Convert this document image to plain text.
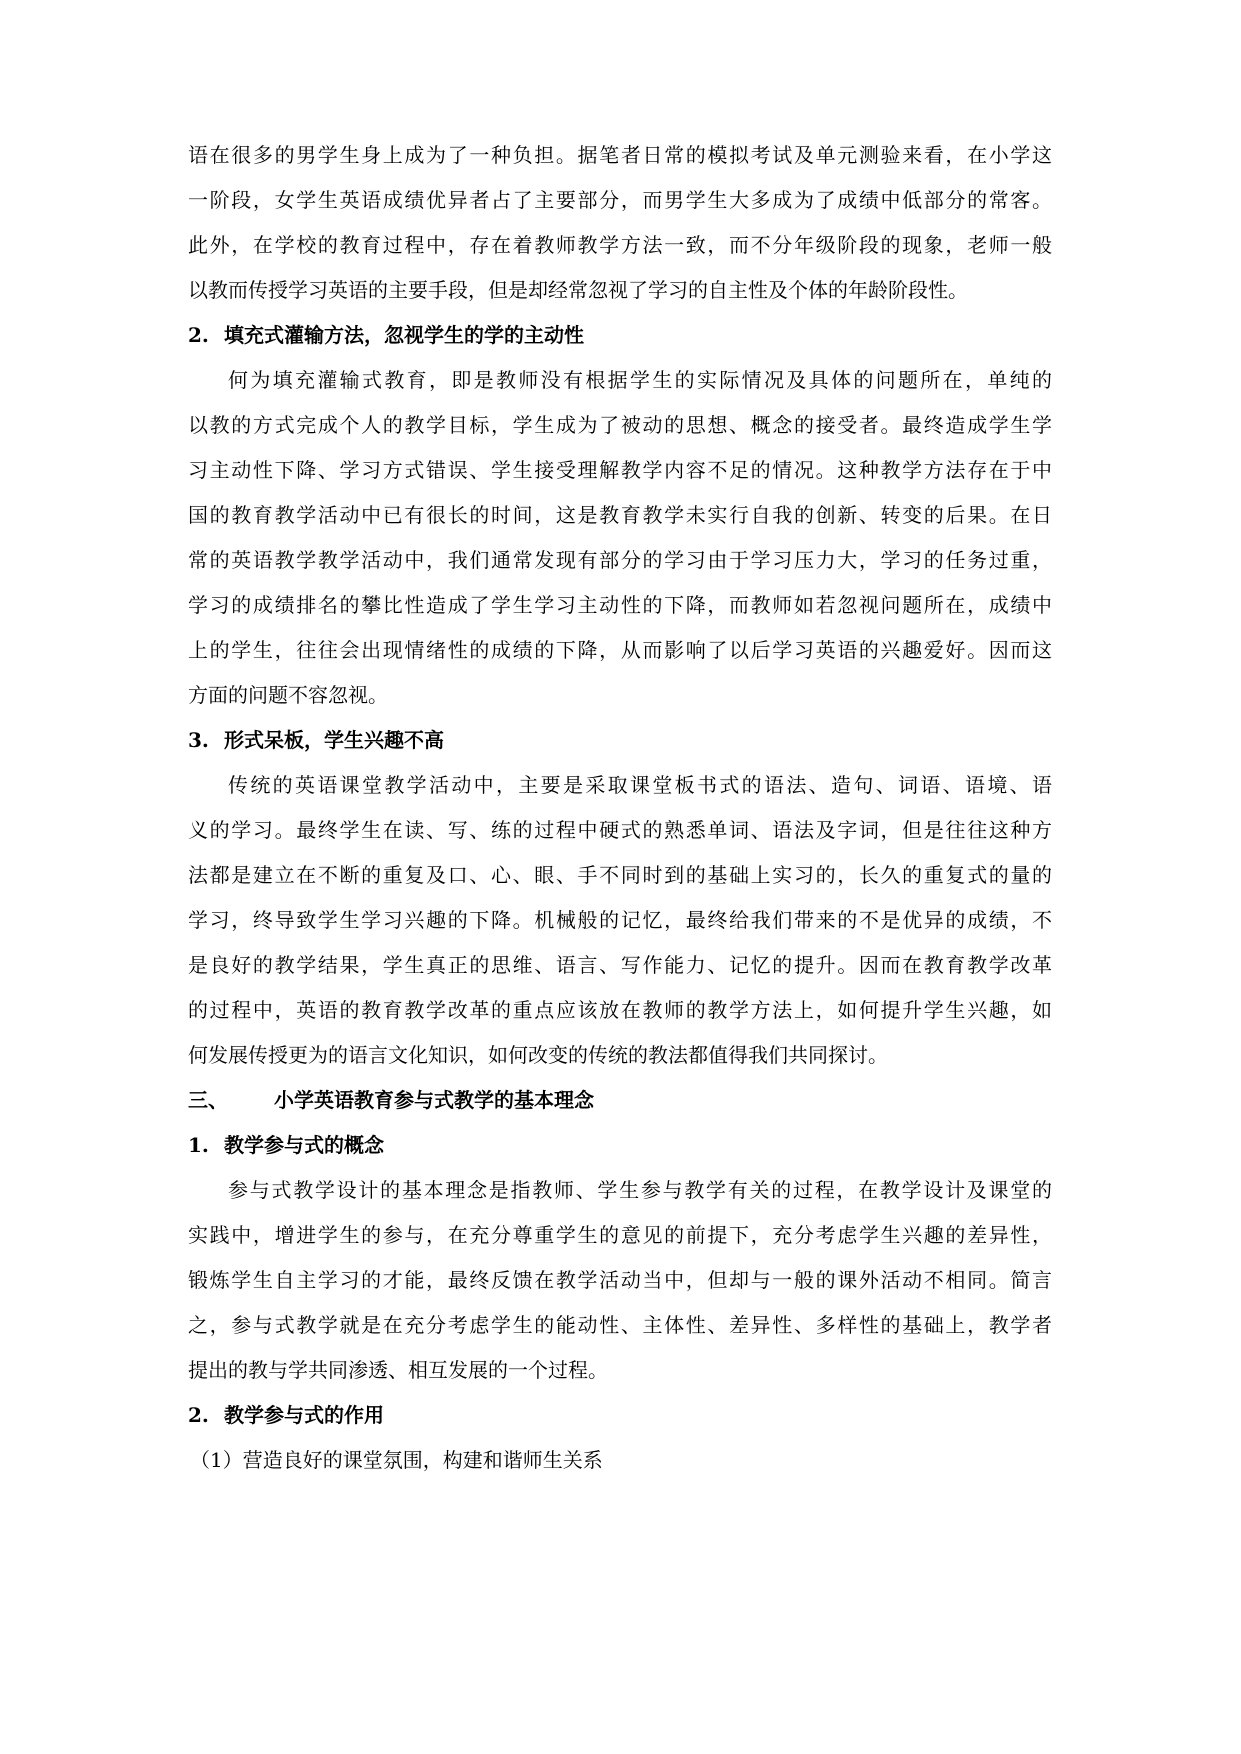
语在很多的男学生身上成为了一种负担。据笔者日常的模拟考试及单元测验来看，在小学这
一阶段，女学生英语成绩优异者占了主要部分，而男学生大多成为了成绩中低部分的常客。
此外，在学校的教育过程中，存在着教师教学方法一致，而不分年级阶段的现象，老师一般
以教而传授学习英语的主要手段，但是却经常忽视了学习的自主性及个体的年龄阶段性。
2. 填充式灌输方法，忽视学生的学的主动性
何为填充灌输式教育，即是教师没有根据学生的实际情况及具体的问题所在，单纯的
以教的方式完成个人的教学目标，学生成为了被动的思想、概念的接受者。最终造成学生学
习主动性下降、学习方式错误、学生接受理解教学内容不足的情况。这种教学方法存在于中
国的教育教学活动中已有很长的时间，这是教育教学未实行自我的创新、转变的后果。在日
常的英语教学教学活动中，我们通常发现有部分的学习由于学习压力大，学习的任务过重，
学习的成绩排名的攀比性造成了学生学习主动性的下降，而教师如若忽视问题所在，成绩中
上的学生，往往会出现情绪性的成绩的下降，从而影响了以后学习英语的兴趣爱好。因而这
方面的问题不容忽视。
3. 形式呆板，学生兴趣不高
传统的英语课堂教学活动中，主要是采取课堂板书式的语法、造句、词语、语境、语
义的学习。最终学生在读、写、练的过程中硬式的熟悉单词、语法及字词，但是往往这种方
法都是建立在不断的重复及口、心、眼、手不同时到的基础上实习的，长久的重复式的量的
学习，终导致学生学习兴趣的下降。机械般的记忆，最终给我们带来的不是优异的成绩，不
是良好的教学结果，学生真正的思维、语言、写作能力、记忆的提升。因而在教育教学改革
的过程中，英语的教育教学改革的重点应该放在教师的教学方法上，如何提升学生兴趣，如
何发展传授更为的语言文化知识，如何改变的传统的教法都值得我们共同探讨。
三、 小学英语教育参与式教学的基本理念
1. 教学参与式的概念
参与式教学设计的基本理念是指教师、学生参与教学有关的过程，在教学设计及课堂的
实践中，增进学生的参与，在充分尊重学生的意见的前提下，充分考虑学生兴趣的差异性，
锻炼学生自主学习的才能，最终反馈在教学活动当中，但却与一般的课外活动不相同。简言
之，参与式教学就是在充分考虑学生的能动性、主体性、差异性、多样性的基础上，教学者
提出的教与学共同渗透、相互发展的一个过程。
2. 教学参与式的作用
（1）营造良好的课堂氛围，构建和谐师生关系
